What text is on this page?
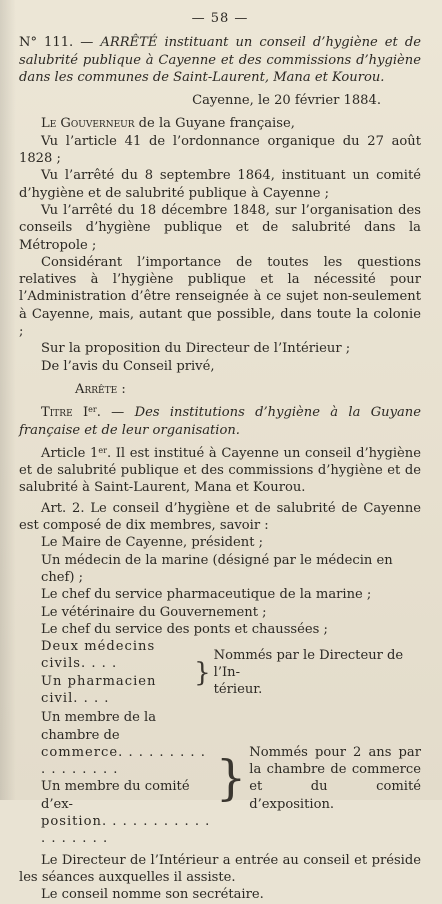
— 58 —
N° 111. — ARRÊTÉ instituant un conseil d’hygiène et de salubrité publique à Cayenne et des commissions d’hygiène dans les communes de Saint-Laurent, Mana et Kourou.
Cayenne, le 20 février 1884.
Le Gouverneur de la Guyane française,
Vu l’article 41 de l’ordonnance organique du 27 août 1828 ;
Vu l’arrêté du 8 septembre 1864, instituant un comité d’hygiène et de salubrité publique à Cayenne ;
Vu l’arrêté du 18 décembre 1848, sur l’organisation des conseils d’hygiène publique et de salubrité dans la Métropole ;
Considérant l’importance de toutes les questions relatives à l’hygiène publique et la nécessité pour l’Administration d’être renseignée à ce sujet non-seulement à Cayenne, mais, autant que possible, dans toute la colonie ;
Sur la proposition du Directeur de l’Intérieur ;
De l’avis du Conseil privé,
Arrête :
Titre Ier. — Des institutions d’hygiène à la Guyane française et de leur organisation.
Article 1er. Il est institué à Cayenne un conseil d’hygiène et de salubrité publique et des commissions d’hygiène et de salubrité à Saint-Laurent, Mana et Kourou.
Art. 2. Le conseil d’hygiène et de salubrité de Cayenne est composé de dix membres, savoir :
Le Maire de Cayenne, président ;
Un médecin de la marine (désigné par le médecin en chef) ;
Le chef du service pharmaceutique de la marine ;
Le vétérinaire du Gouvernement ;
Le chef du service des ponts et chaussées ;
Deux médecins civils. . . .
Un pharmacien civil. . . .
}
Nommés par le Directeur de l’In-
térieur.
Un membre de la chambre de
commerce. . . . . . . . . . . . . . . . .
Un membre du comité d’ex-
position. . . . . . . . . . . . . . . . . .
} Nommés pour 2 ans par la chambre de commerce et du comité d’exposition.
Le Directeur de l’Intérieur a entrée au conseil et préside les séances auxquelles il assiste.
Le conseil nomme son secrétaire.
